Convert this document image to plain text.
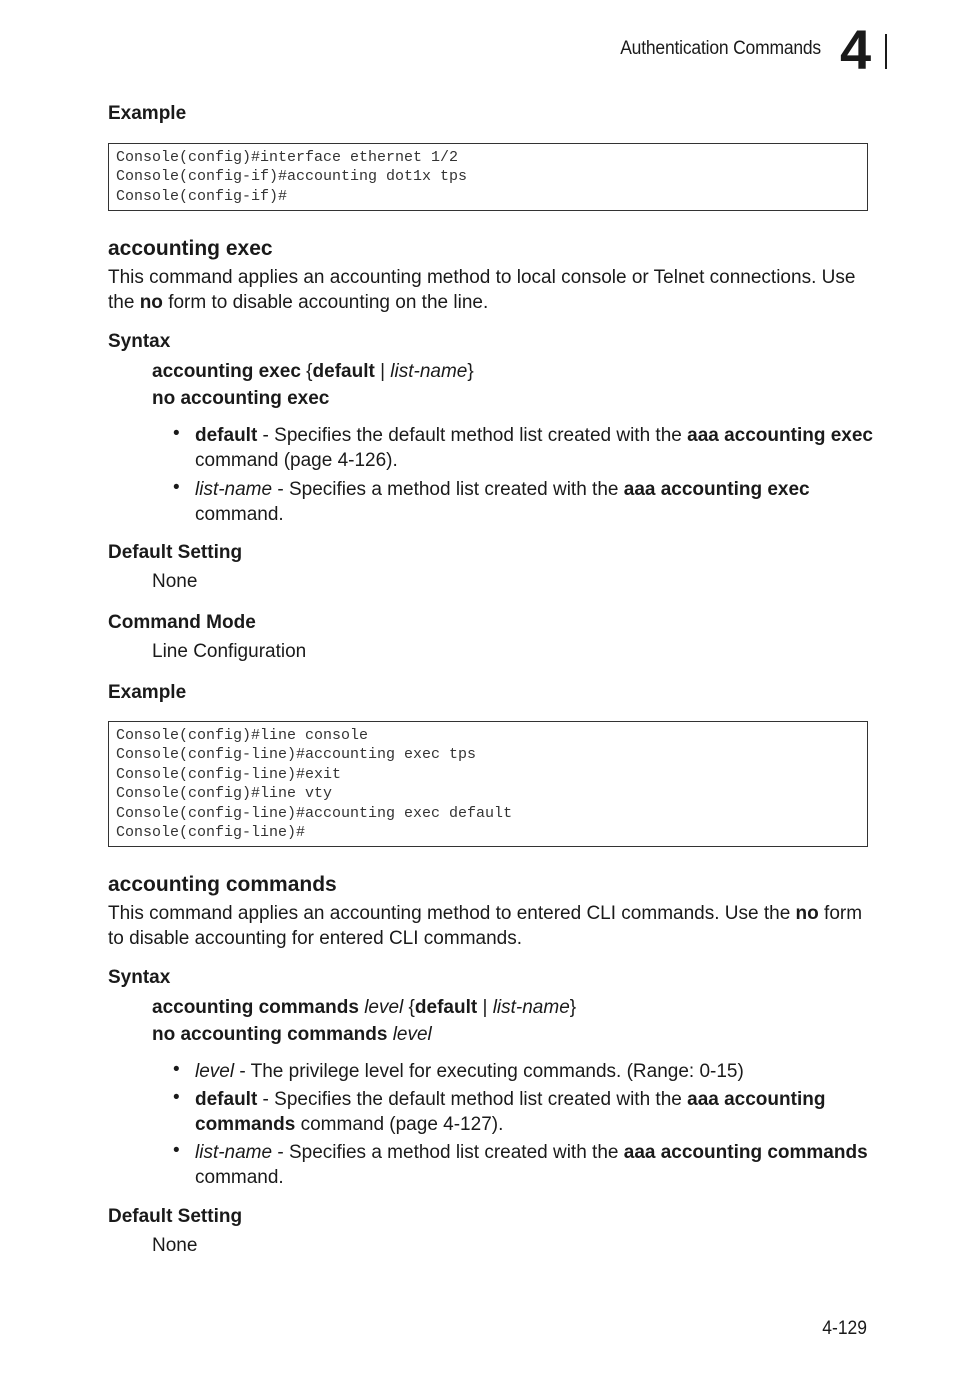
Authentication Commands 4
Example
Console(config)#interface ethernet 1/2
Console(config-if)#accounting dot1x tps
Console(config-if)#
accounting exec
This command applies an accounting method to local console or Telnet connections. Use the no form to disable accounting on the line.
Syntax
accounting exec {default | list-name}
no accounting exec
• default - Specifies the default method list created with the aaa accounting exec command (page 4-126).
• list-name - Specifies a method list created with the aaa accounting exec command.
Default Setting
None
Command Mode
Line Configuration
Example
Console(config)#line console
Console(config-line)#accounting exec tps
Console(config-line)#exit
Console(config)#line vty
Console(config-line)#accounting exec default
Console(config-line)#
accounting commands
This command applies an accounting method to entered CLI commands. Use the no form to disable accounting for entered CLI commands.
Syntax
accounting commands level {default | list-name}
no accounting commands level
• level - The privilege level for executing commands. (Range: 0-15)
• default - Specifies the default method list created with the aaa accounting commands command (page 4-127).
• list-name - Specifies a method list created with the aaa accounting commands command.
Default Setting
None
4-129
